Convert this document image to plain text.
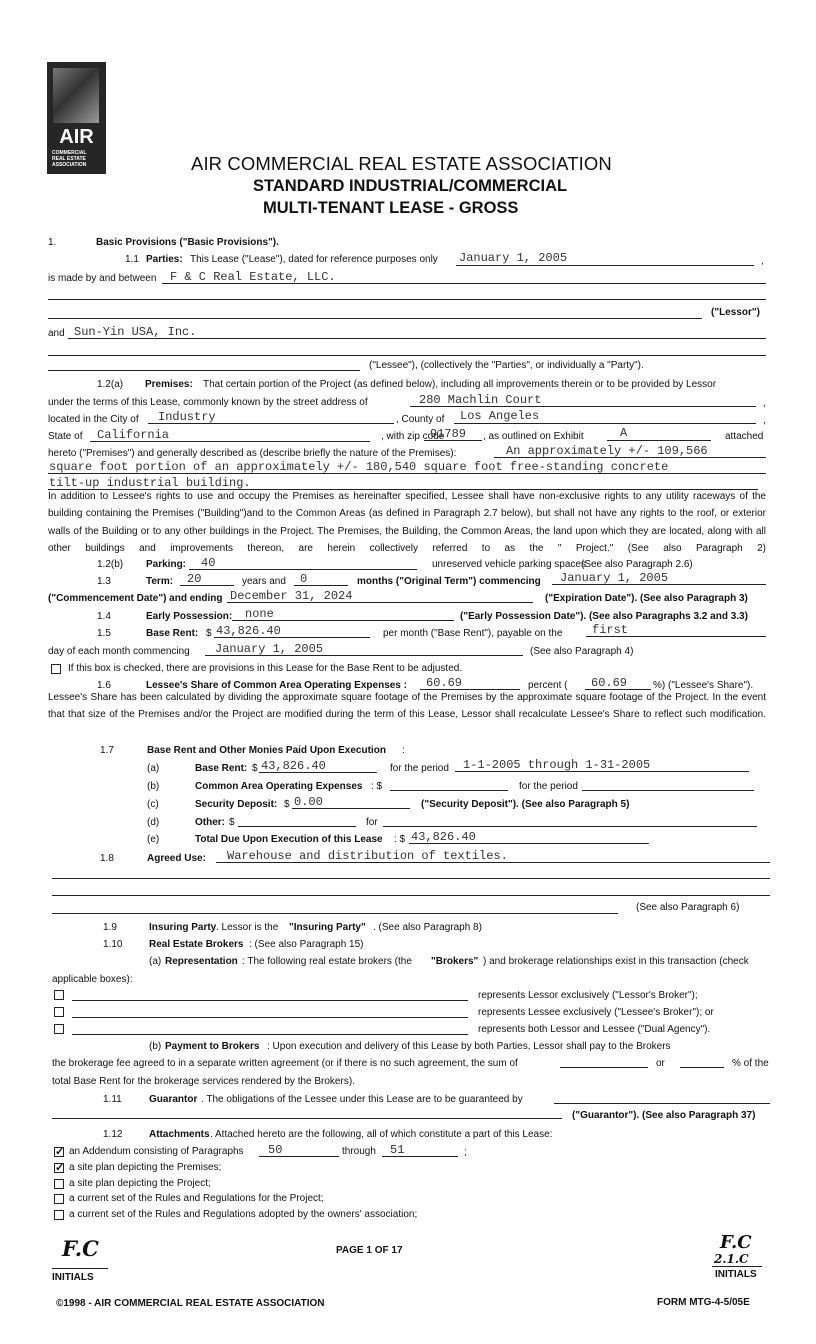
AIR
COMMERCIAL
REAL ESTATE
ASSOCIATION	AIR COMMERCIAL REAL ESTATE ASSOCIATION
STANDARD INDUSTRIAL/COMMERCIAL
MULTI-TENANT LEASE - GROSS
1.	Basic Provisions ("Basic Provisions").
1.1 Parties: This Lease ("Lease"), dated for reference purposes only January 1, 2005	,
is made by and between F & C Real Estate, LLC.
("Lessor")
and Sun-Yin USA, Inc.
("Lessee"), (collectively the "Parties", or individually a "Party").
1.2(a) Premises: That certain portion of the Project (as defined below), including all improvements therein or to be provided by Lessor
under the terms of this Lease, commonly known by the street address of	280 Machlin Court	,
located in the City of Industry	, County of Los Angeles	,
State of California	, with zip code
91789 , as outlined on Exhibit	A	attached
hereto ("Premises") and generally described as (describe briefly the nature of the Premises):	An approximately +/- 109,566
square foot portion of an approximately +/- 180,540 square foot free-standing concrete
tilt-up industrial building.
In addition to Lessee's rights to use and occupy the Premises as hereinafter specified, Lessee shall have non-exclusive rights to any utility raceways of the building containing the Premises ("Building")and to the Common Areas (as defined in Paragraph 2.7 below), but shall not have any rights to the roof, or exterior walls of the Building or to any other buildings in the Project. The Premises, the Building, the Common Areas, the land upon which they are located, along with all other buildings and improvements thereon, are herein collectively referred to as the " Project." (See also Paragraph 2)
1.2(b) Parking: 40	unreserved vehicle parking spaces
(See also Paragraph 2.6)
1.3	Term: 20	years and 0	months ("Original Term") commencing January 1, 2005
("Commencement Date") and ending December 31, 2024	("Expiration Date"). (See also Paragraph 3)
1.4	Early Possession: none	("Early Possession Date"). (See also Paragraphs 3.2 and 3.3)
1.5	Base Rent: $ 43,826.40	per month ("Base Rent"), payable on the first
day of each month commencing January 1, 2005	(See also Paragraph 4)
If this box is checked, there are provisions in this Lease for the Base Rent to be adjusted.
1.6	Lessee's Share of Common Area Operating Expenses : 60.69	percent ( 60.69	%) ("Lessee's Share").
Lessee's Share has been calculated by dividing the approximate square footage of the Premises by the approximate square footage of the Project. In the event that that size of the Premises and/or the Project are modified during the term of this Lease, Lessor shall recalculate Lessee's Share to reflect such modification.
1.7	Base Rent and Other Monies Paid Upon Execution :
(a)	Base Rent: $ 43,826.40	for the period 1-1-2005 through 1-31-2005
(b)	Common Area Operating Expenses : $	for the period
(c)	Security Deposit: $ 0.00	("Security Deposit"). (See also Paragraph 5)
(d)	Other: $	for
(e)	Total Due Upon Execution of this Lease : $ 43,826.40
1.8	Agreed Use: Warehouse and distribution of textiles.
(See also Paragraph 6)
1.9	Insuring Party . Lessor is the "Insuring Party" . (See also Paragraph 8)
1.10	Real Estate Brokers : (See also Paragraph 15)
(a) Representation : The following real estate brokers (the "Brokers" ) and brokerage relationships exist in this transaction (check
applicable boxes):
represents Lessor exclusively ("Lessor's Broker");
represents Lessee exclusively ("Lessee's Broker"); or
represents both Lessor and Lessee ("Dual Agency").
(b) Payment to Brokers : Upon execution and delivery of this Lease by both Parties, Lessor shall pay to the Brokers
the brokerage fee agreed to in a separate written agreement (or if there is no such agreement, the sum of	or	% of the
total Base Rent for the brokerage services rendered by the Brokers).
1.11	Guarantor . The obligations of the Lessee under this Lease are to be guaranteed by
("Guarantor"). (See also Paragraph 37)
1.12	Attachments . Attached hereto are the following, all of which constitute a part of this Lease:
✓
an Addendum consisting of Paragraphs 50	through 51	;
✓
a site plan depicting the Premises;
a site plan depicting the Project;
a current set of the Rules and Regulations for the Project;
a current set of the Rules and Regulations adopted by the owners' association;
F.C
INITIALS
PAGE 1 OF 17	F.C
2.1.C
INITIALS
©1998 - AIR COMMERCIAL REAL ESTATE ASSOCIATION	FORM MTG-4-5/05E
